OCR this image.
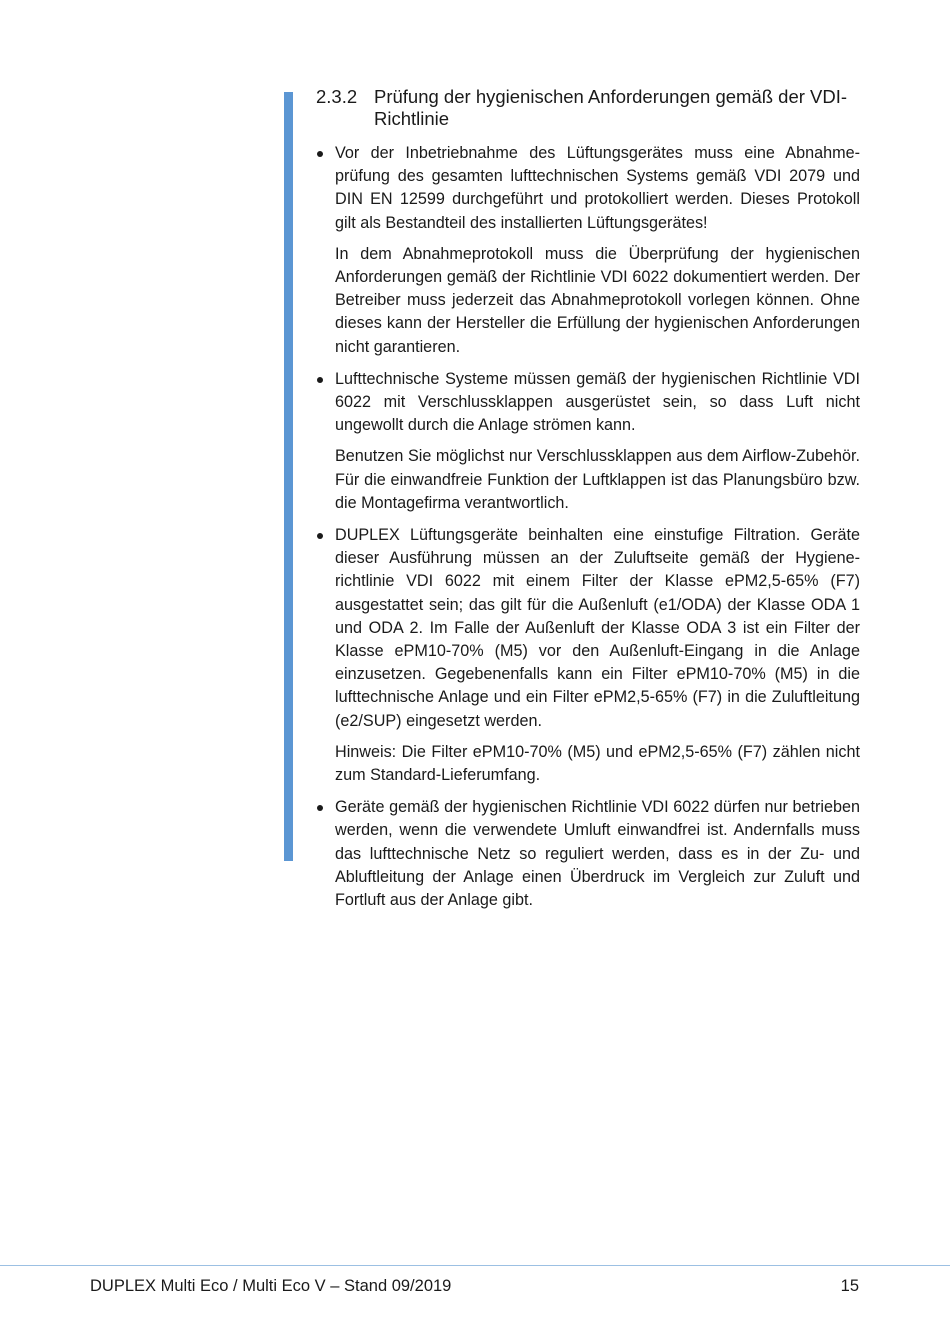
2.3.2 Prüfung der hygienischen Anforderungen gemäß der VDI-Richtlinie

Vor der Inbetriebnahme des Lüftungsgerätes muss eine Abnahmeprüfung des gesamten lufttechnischen Systems gemäß VDI 2079 und DIN EN 12599 durchgeführt und protokolliert werden. Dieses Protokoll gilt als Bestandteil des installierten Lüftungsgerätes!

In dem Abnahmeprotokoll muss die Überprüfung der hygienischen Anforderungen gemäß der Richtlinie VDI 6022 dokumentiert werden. Der Betreiber muss jederzeit das Abnahmeprotokoll vorlegen können. Ohne dieses kann der Hersteller die Erfüllung der hygienischen Anforderungen nicht garantieren.

Lufttechnische Systeme müssen gemäß der hygienischen Richtlinie VDI 6022 mit Verschlussklappen ausgerüstet sein, so dass Luft nicht ungewollt durch die Anlage strömen kann.

Benutzen Sie möglichst nur Verschlussklappen aus dem Airflow-Zubehör. Für die einwandfreie Funktion der Luftklappen ist das Planungsbüro bzw. die Montagefirma verantwortlich.

DUPLEX Lüftungsgeräte beinhalten eine einstufige Filtration. Geräte dieser Ausführung müssen an der Zuluftseite gemäß der Hygienerichtlinie VDI 6022 mit einem Filter der Klasse ePM2,5-65% (F7) ausgestattet sein; das gilt für die Außenluft (e1/ODA) der Klasse ODA 1 und ODA 2. Im Falle der Außenluft der Klasse ODA 3 ist ein Filter der Klasse ePM10-70% (M5) vor den Außenluft-Eingang in die Anlage einzusetzen. Gegebenenfalls kann ein Filter ePM10-70% (M5) in die lufttechnische Anlage und ein Filter ePM2,5-65% (F7) in die Zuluftleitung (e2/SUP) eingesetzt werden.

Hinweis: Die Filter ePM10-70% (M5) und ePM2,5-65% (F7) zählen nicht zum Standard-Lieferumfang.

Geräte gemäß der hygienischen Richtlinie VDI 6022 dürfen nur betrieben werden, wenn die verwendete Umluft einwandfrei ist. Andernfalls muss das lufttechnische Netz so reguliert werden, dass es in der Zu- und Abluftleitung der Anlage einen Überdruck im Vergleich zur Zuluft und Fortluft aus der Anlage gibt.

DUPLEX Multi Eco / Multi Eco V – Stand 09/2019	15
